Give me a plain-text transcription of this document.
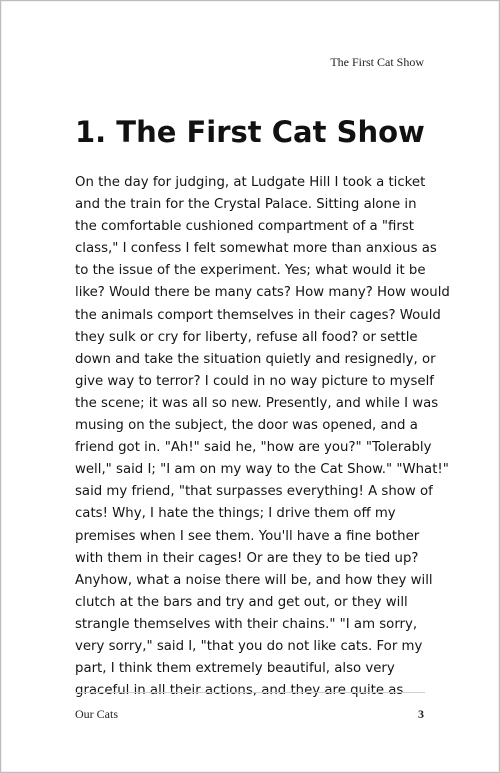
The First Cat Show
1. The First Cat Show
On the day for judging, at Ludgate Hill I took a ticket
and the train for the Crystal Palace. Sitting alone in
the comfortable cushioned compartment of a "first
class," I confess I felt somewhat more than anxious as
to the issue of the experiment. Yes; what would it be
like? Would there be many cats? How many? How would
the animals comport themselves in their cages? Would
they sulk or cry for liberty, refuse all food? or settle
down and take the situation quietly and resignedly, or
give way to terror? I could in no way picture to myself
the scene; it was all so new. Presently, and while I was
musing on the subject, the door was opened, and a
friend got in. "Ah!" said he, "how are you?" "Tolerably
well," said I; "I am on my way to the Cat Show." "What!"
said my friend, "that surpasses everything! A show of
cats! Why, I hate the things; I drive them off my
premises when I see them. You'll have a fine bother
with them in their cages! Or are they to be tied up?
Anyhow, what a noise there will be, and how they will
clutch at the bars and try and get out, or they will
strangle themselves with their chains." "I am sorry,
very sorry," said I, "that you do not like cats. For my
part, I think them extremely beautiful, also very
graceful in all their actions, and they are quite as
Our Cats	3
